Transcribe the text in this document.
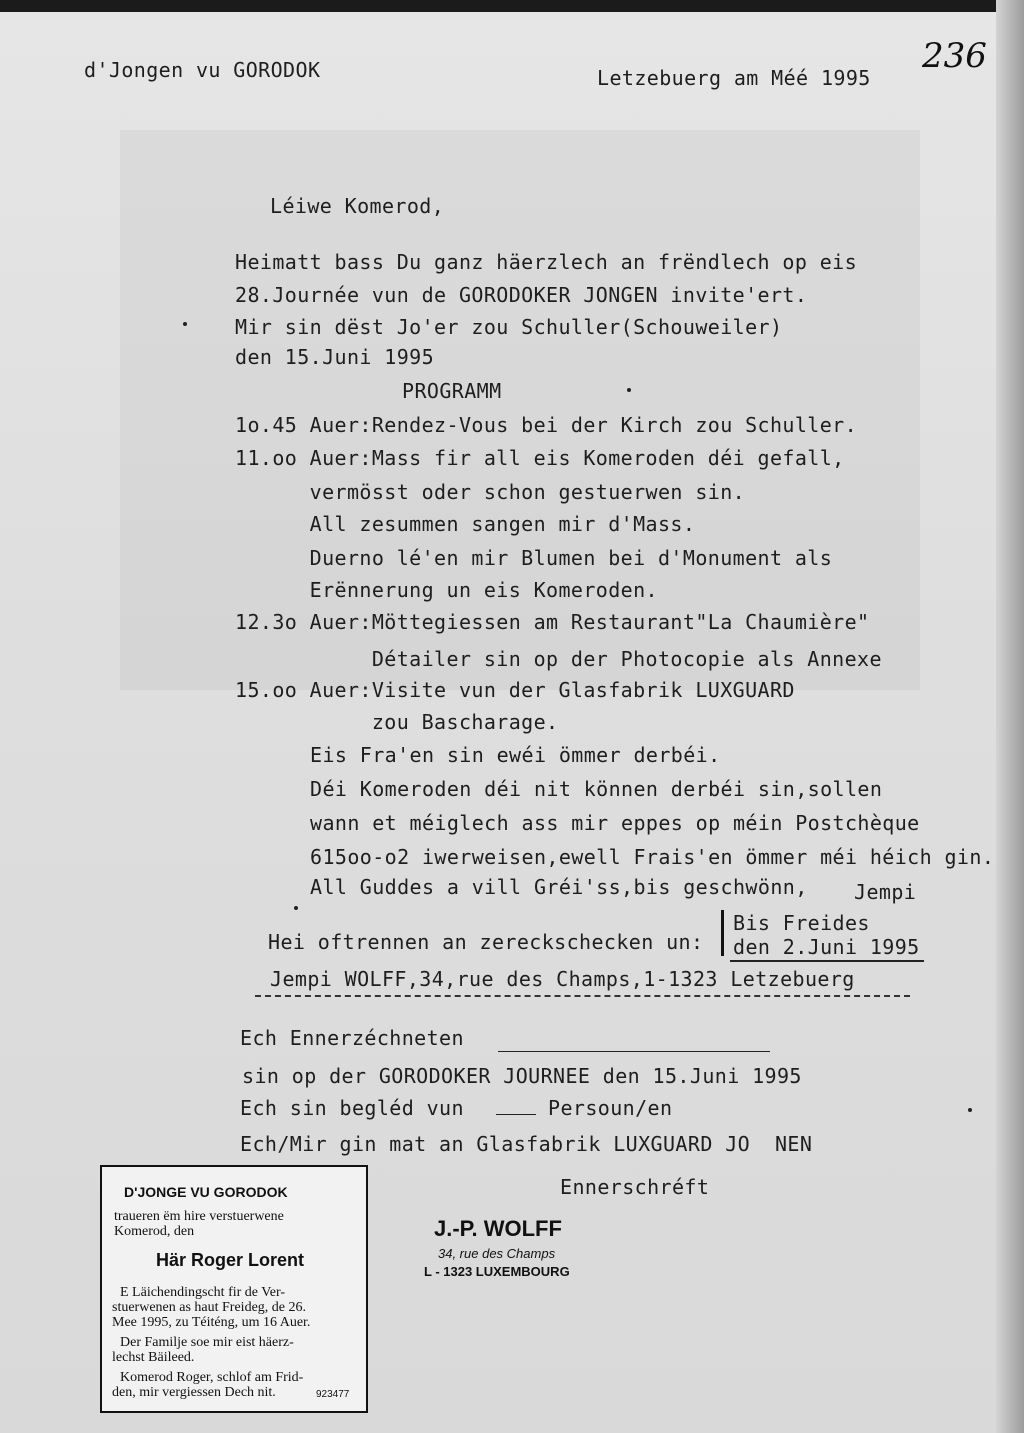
d'Jongen vu GORODOK	Letzebuerg am Méé 1995
236
Léiwe Komerod,
Heimatt bass Du ganz häerzlech an frëndlech op eis
28.Journée vun de GORODOKER JONGEN invite'ert.
Mir sin dëst Jo'er zou Schuller(Schouweiler)
den 15.Juni 1995
PROGRAMM
1o.45 Auer:Rendez-Vous bei der Kirch zou Schuller.
11.oo Auer:Mass fir all eis Komeroden déi gefall,
vermösst oder schon gestuerwen sin.
All zesummen sangen mir d'Mass.
Duerno lé'en mir Blumen bei d'Monument als
Erënnerung un eis Komeroden.
12.3o Auer:Möttegiessen am Restaurant"La Chaumière"
Détailer sin op der Photocopie als Annexe
15.oo Auer:Visite vun der Glasfabrik LUXGUARD
zou Bascharage.
Eis Fra'en sin ewéi ömmer derbéi.
Déi Komeroden déi nit können derbéi sin,sollen
wann et méiglech ass mir eppes op méin Postchèque
615oo-o2 iwerweisen,ewell Frais'en ömmer méi héich gin.
All Guddes a vill Gréi'ss,bis geschwönn, Jempi
Hei oftrennen an zereckschecken un:
Bis Freides
den 2.Juni 1995
Jempi WOLFF,34,rue des Champs,1-1323 Letzebuerg
Ech Ennerzéchneten
sin op der GORODOKER JOURNEE den 15.Juni 1995
Ech sin begléd vun	Persoun/en
Ech/Mir gin mat an Glasfabrik LUXGUARD JO  NEN
Ennerschréft
J.-P. WOLFF
34, rue des Champs
L - 1323 LUXEMBOURG
D'JONGE VU GORODOK
traueren ëm hire verstuerwene
Komerod, den
Här Roger Lorent
E Läichendingscht fir de Ver-
stuerwenen as haut Freideg, de 26.
Mee 1995, zu Téiténg, um 16 Auer.
Der Familje soe mir eist häerz-
lechst Bäileed.
Komerod Roger, schlof am Frid-
den, mir vergiessen Dech nit.	923477
